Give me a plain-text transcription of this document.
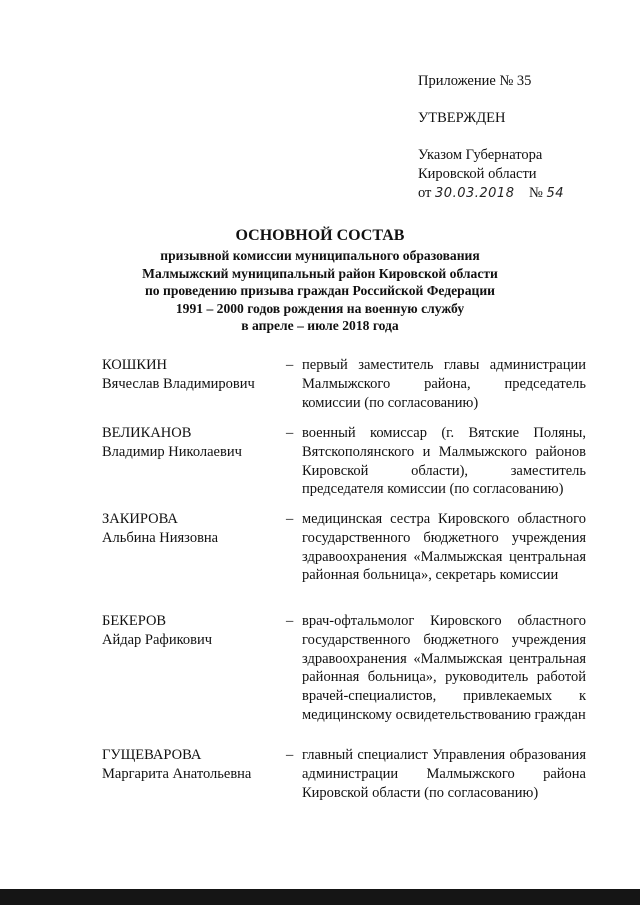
Приложение № 35
УТВЕРЖДЕН
Указом Губернатора
Кировской области
от 30.03.2018 № 54
ОСНОВНОЙ СОСТАВ
призывной комиссии муниципального образования
Малмыжский муниципальный район Кировской области
по проведению призыва граждан Российской Федерации
1991 – 2000 годов рождения на военную службу
в апреле – июле 2018 года
КОШКИН
Вячеслав Владимирович
– первый заместитель главы администрации Малмыжского района, председатель комиссии (по согласованию)
ВЕЛИКАНОВ
Владимир Николаевич
– военный комиссар (г. Вятские Поляны, Вятскополянского и Малмыжского районов Кировской области), заместитель председателя комиссии (по согласованию)
ЗАКИРОВА
Альбина Ниязовна
– медицинская сестра Кировского областного государственного бюджетного учреждения здравоохранения «Малмыжская центральная районная больница», секретарь комиссии
БЕКЕРОВ
Айдар Рафикович
– врач-офтальмолог Кировского областного государственного бюджетного учреждения здравоохранения «Малмыжская центральная районная больница», руководитель работой врачей-специалистов, привлекаемых к медицинскому освидетельствованию граждан
ГУЩЕВАРОВА
Маргарита Анатольевна
– главный специалист Управления образования администрации Малмыжского района Кировской области (по согласованию)
